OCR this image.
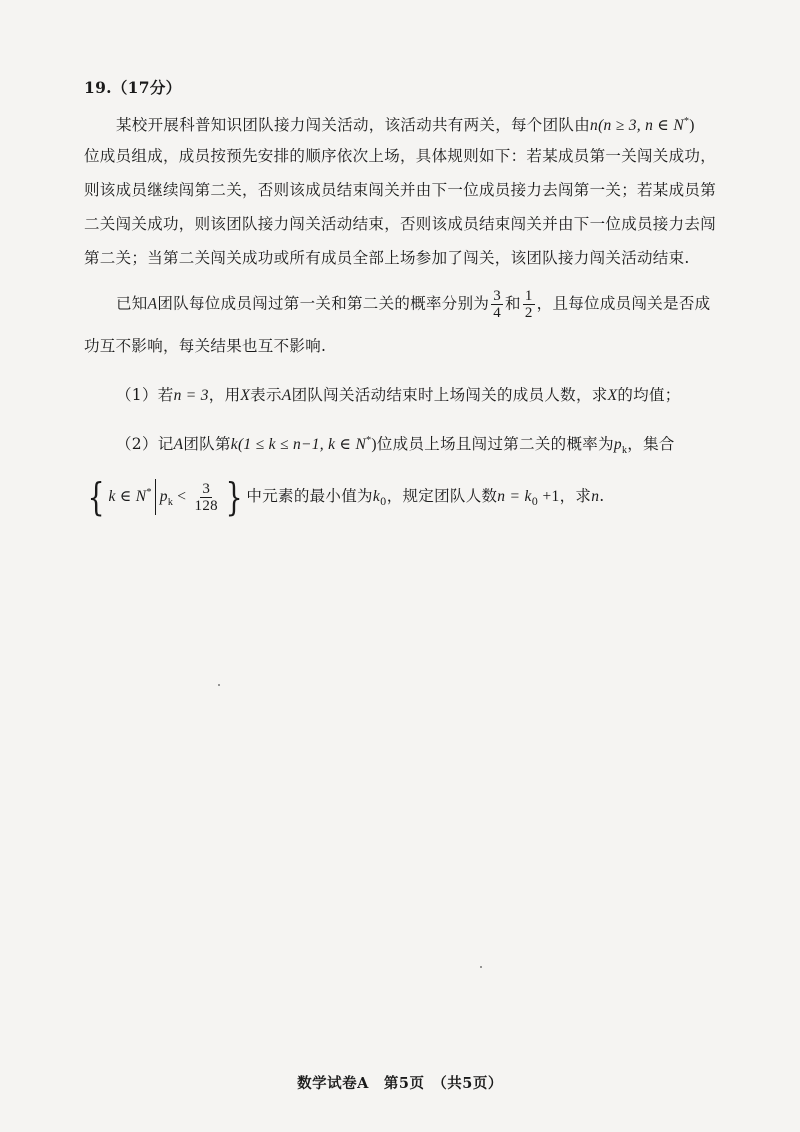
19.（17分）
某校开展科普知识团队接力闯关活动，该活动共有两关，每个团队由n(n ≥ 3, n ∈ N*)
位成员组成，成员按预先安排的顺序依次上场，具体规则如下：若某成员第一关闯关成功，
则该成员继续闯第二关，否则该成员结束闯关并由下一位成员接力去闯第一关；若某成员第
二关闯关成功，则该团队接力闯关活动结束，否则该成员结束闯关并由下一位成员接力去闯
第二关；当第二关闯关成功或所有成员全部上场参加了闯关，该团队接力闯关活动结束.
已知A团队每位成员闯过第一关和第二关的概率分别为 $\frac{3}{4}$ 和 $\frac{1}{2}$ ，且每位成员闯关是否成
功互不影响，每关结果也互不影响.
（1）若n = 3，用X表示A团队闯关活动结束时上场闯关的成员人数，求X的均值；
（2）记A团队第k(1 ≤ k ≤ n−1, k ∈ N*)位成员上场且闯过第二关的概率为$p_k$，集合
{ k ∈ N* $p_k < \frac{3}{128}$ } 中元素的最小值为$k_0$，规定团队人数$n = k_0 +1$，求n.
数学试卷A　第5页　（共5页）
